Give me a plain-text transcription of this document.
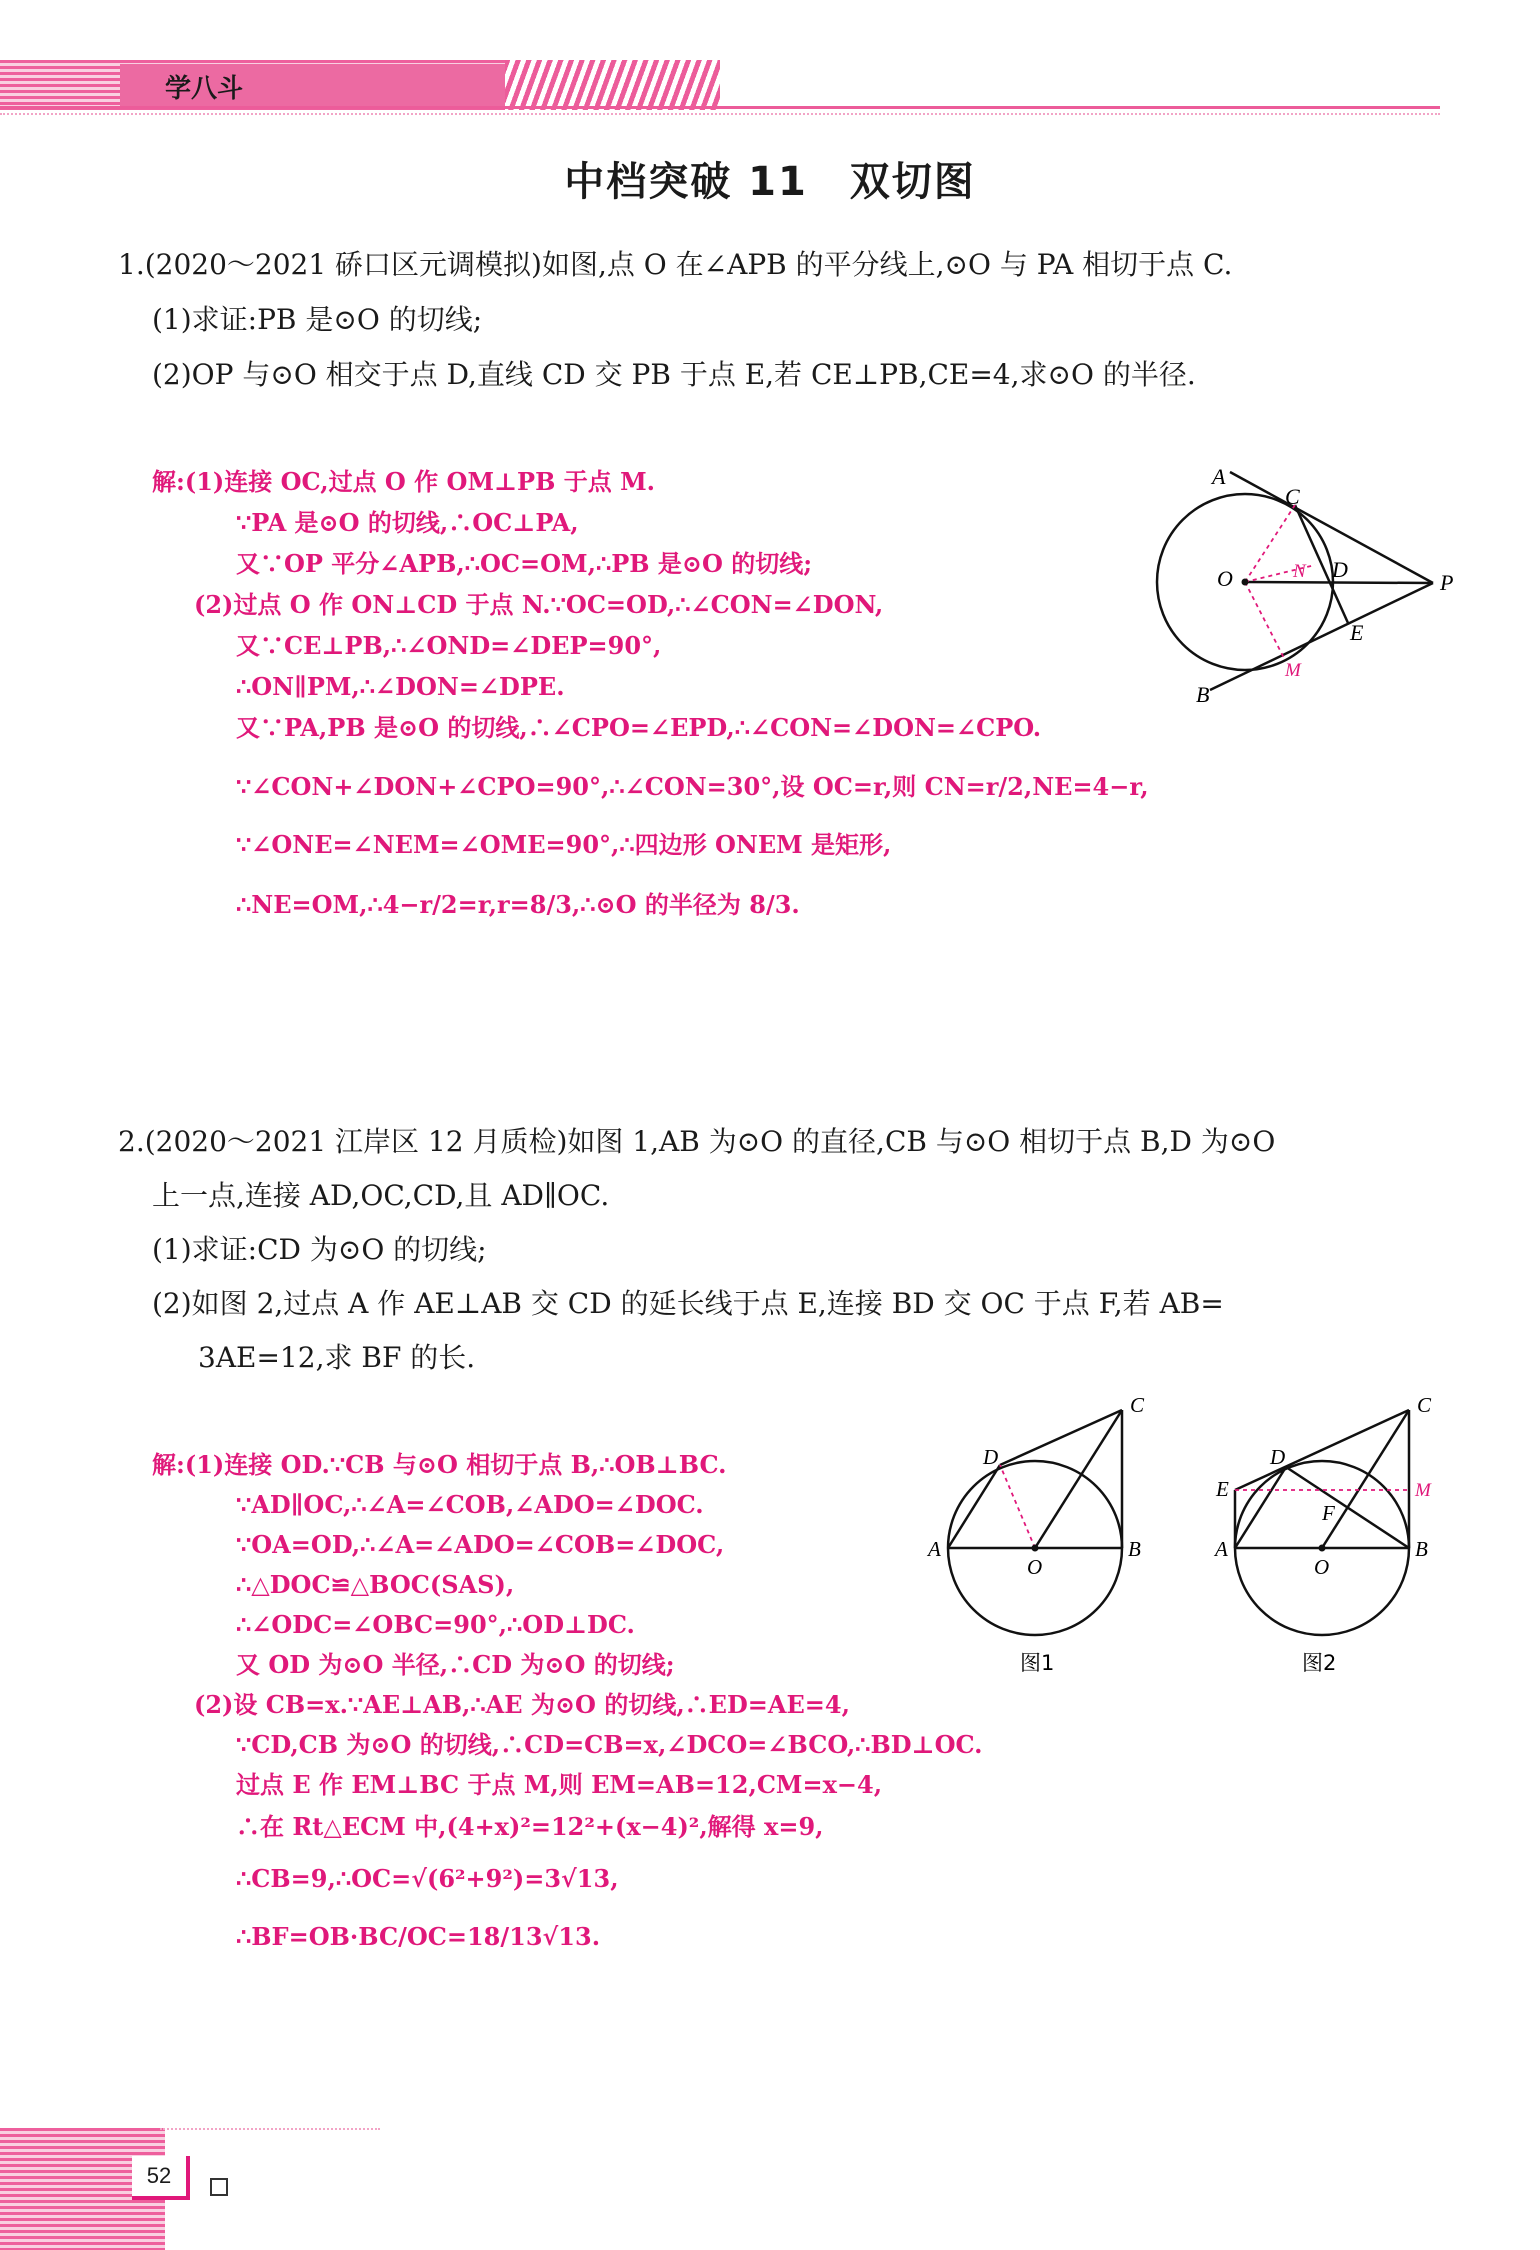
学八斗
中档突破 11　双切图
1.(2020～2021 硚口区元调模拟)如图,点 O 在∠APB 的平分线上,⊙O 与 PA 相切于点 C.
(1)求证:PB 是⊙O 的切线;
(2)OP 与⊙O 相交于点 D,直线 CD 交 PB 于点 E,若 CE⊥PB,CE=4,求⊙O 的半径.
解:(1)连接 OC,过点 O 作 OM⊥PB 于点 M.
∵PA 是⊙O 的切线,∴OC⊥PA,
又∵OP 平分∠APB,∴OC=OM,∴PB 是⊙O 的切线;
(2)过点 O 作 ON⊥CD 于点 N.∵OC=OD,∴∠CON=∠DON,
又∵CE⊥PB,∴∠OND=∠DEP=90°,
∴ON∥PM,∴∠DON=∠DPE.
又∵PA,PB 是⊙O 的切线,∴∠CPO=∠EPD,∴∠CON=∠DON=∠CPO.
∵∠CON+∠DON+∠CPO=90°,∴∠CON=30°,设 OC=r,则 CN=r/2,NE=4−r,
∵∠ONE=∠NEM=∠OME=90°,∴四边形 ONEM 是矩形,
∴NE=OM,∴4−r/2=r,r=8/3,∴⊙O 的半径为 8/3.
A
C
O	N D
P
E
M
B
2.(2020～2021 江岸区 12 月质检)如图 1,AB 为⊙O 的直径,CB 与⊙O 相切于点 B,D 为⊙O
上一点,连接 AD,OC,CD,且 AD∥OC.
(1)求证:CD 为⊙O 的切线;
(2)如图 2,过点 A 作 AE⊥AB 交 CD 的延长线于点 E,连接 BD 交 OC 于点 F,若 AB=
3AE=12,求 BF 的长.
解:(1)连接 OD.∵CB 与⊙O 相切于点 B,∴OB⊥BC.
∵AD∥OC,∴∠A=∠COB,∠ADO=∠DOC.
∵OA=OD,∴∠A=∠ADO=∠COB=∠DOC,
∴△DOC≌△BOC(SAS),
∴∠ODC=∠OBC=90°,∴OD⊥DC.
又 OD 为⊙O 半径,∴CD 为⊙O 的切线;
(2)设 CB=x.∵AE⊥AB,∴AE 为⊙O 的切线,∴ED=AE=4,
∵CD,CB 为⊙O 的切线,∴CD=CB=x,∠DCO=∠BCO,∴BD⊥OC.
过点 E 作 EM⊥BC 于点 M,则 EM=AB=12,CM=x−4,
∴在 Rt△ECM 中,(4+x)²=12²+(x−4)²,解得 x=9,
∴CB=9,∴OC=√(6²+9²)=3√13,
∴BF=OB·BC/OC=18/13√13.
C
D
A
O
B
图1
C
D
E	M
F
A
O
B
图2
52
